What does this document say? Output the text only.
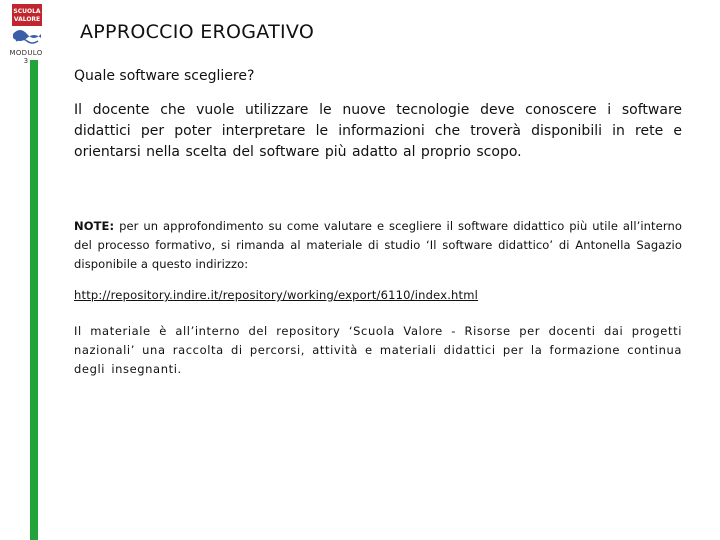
SCUOLA
VALORE
MODULO 3
APPROCCIO EROGATIVO
Quale software scegliere?
Il docente che vuole utilizzare le nuove tecnologie deve conoscere i software didattici per poter interpretare le informazioni che troverà disponibili in rete e orientarsi nella scelta del software più adatto al proprio scopo.
NOTE: per un approfondimento su come valutare e scegliere il software didattico più utile all’interno del processo formativo, si rimanda al materiale di studio ‘Il software didattico’ di Antonella Sagazio disponibile a questo indirizzo:
http://repository.indire.it/repository/working/export/6110/index.html
Il materiale è all’interno del repository ‘Scuola Valore - Risorse per docenti dai progetti nazionali’ una raccolta di percorsi, attività e materiali didattici per la formazione continua degli insegnanti.
